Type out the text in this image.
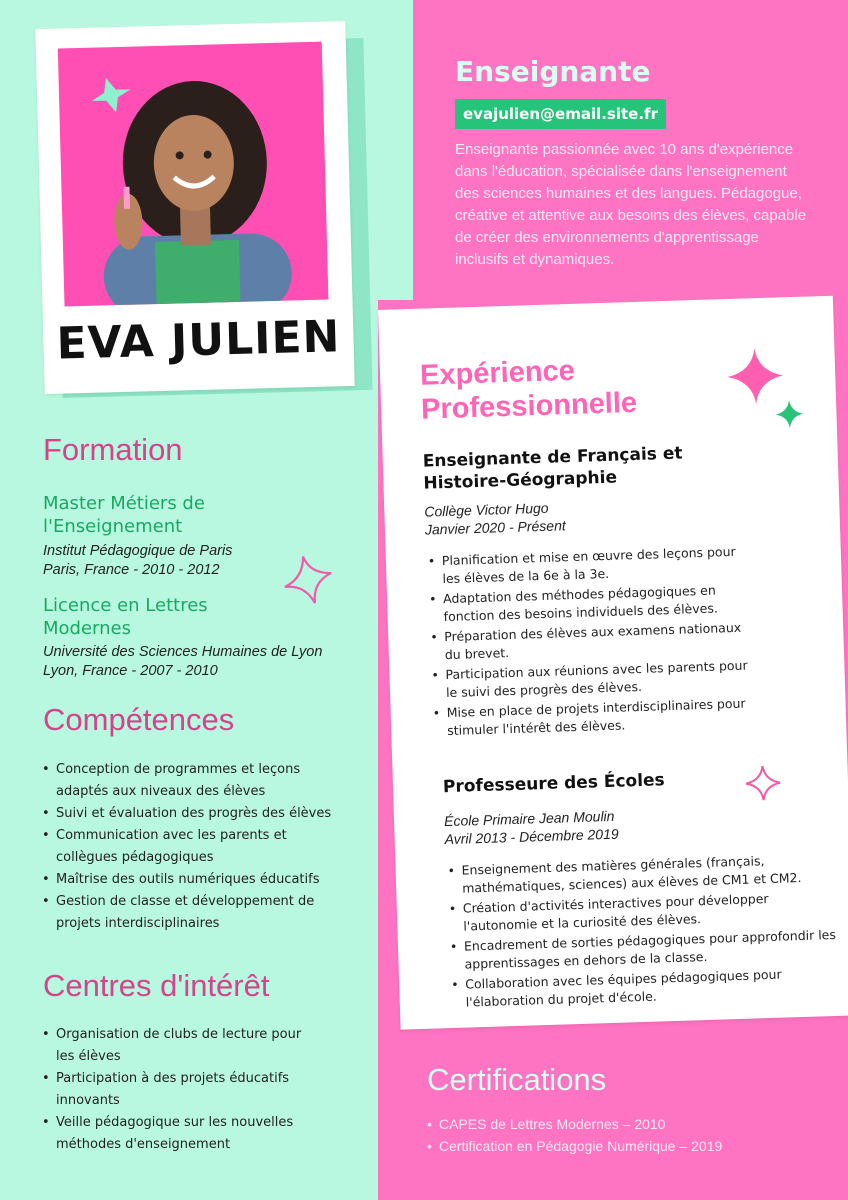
EVA JULIEN
Enseignante
evajulien@email.site.fr
Enseignante passionnée avec 10 ans d'expérience dans l'éducation, spécialisée dans l'enseignement des sciences humaines et des langues. Pédagogue, créative et attentive aux besoins des élèves, capable de créer des environnements d'apprentissage inclusifs et dynamiques.
Formation
Master Métiers de l'Enseignement
Institut Pédagogique de Paris
Paris, France - 2010 - 2012
Licence en Lettres Modernes
Université des Sciences Humaines de Lyon
Lyon, France - 2007 - 2010
Compétences
• Conception de programmes et leçons adaptés aux niveaux des élèves
• Suivi et évaluation des progrès des élèves
• Communication avec les parents et collègues pédagogiques
• Maîtrise des outils numériques éducatifs
• Gestion de classe et développement de projets interdisciplinaires
Centres d'intérêt
• Organisation de clubs de lecture pour les élèves
• Participation à des projets éducatifs innovants
• Veille pédagogique sur les nouvelles méthodes d'enseignement
Expérience Professionnelle
Enseignante de Français et Histoire-Géographie
Collège Victor Hugo
Janvier 2020 - Présent
• Planification et mise en œuvre des leçons pour les élèves de la 6e à la 3e.
• Adaptation des méthodes pédagogiques en fonction des besoins individuels des élèves.
• Préparation des élèves aux examens nationaux du brevet.
• Participation aux réunions avec les parents pour le suivi des progrès des élèves.
• Mise en place de projets interdisciplinaires pour stimuler l'intérêt des élèves.
Professeure des Écoles
École Primaire Jean Moulin
Avril 2013 - Décembre 2019
• Enseignement des matières générales (français, mathématiques, sciences) aux élèves de CM1 et CM2.
• Création d'activités interactives pour développer l'autonomie et la curiosité des élèves.
• Encadrement de sorties pédagogiques pour approfondir les apprentissages en dehors de la classe.
• Collaboration avec les équipes pédagogiques pour l'élaboration du projet d'école.
Certifications
• CAPES de Lettres Modernes – 2010
• Certification en Pédagogie Numérique – 2019
